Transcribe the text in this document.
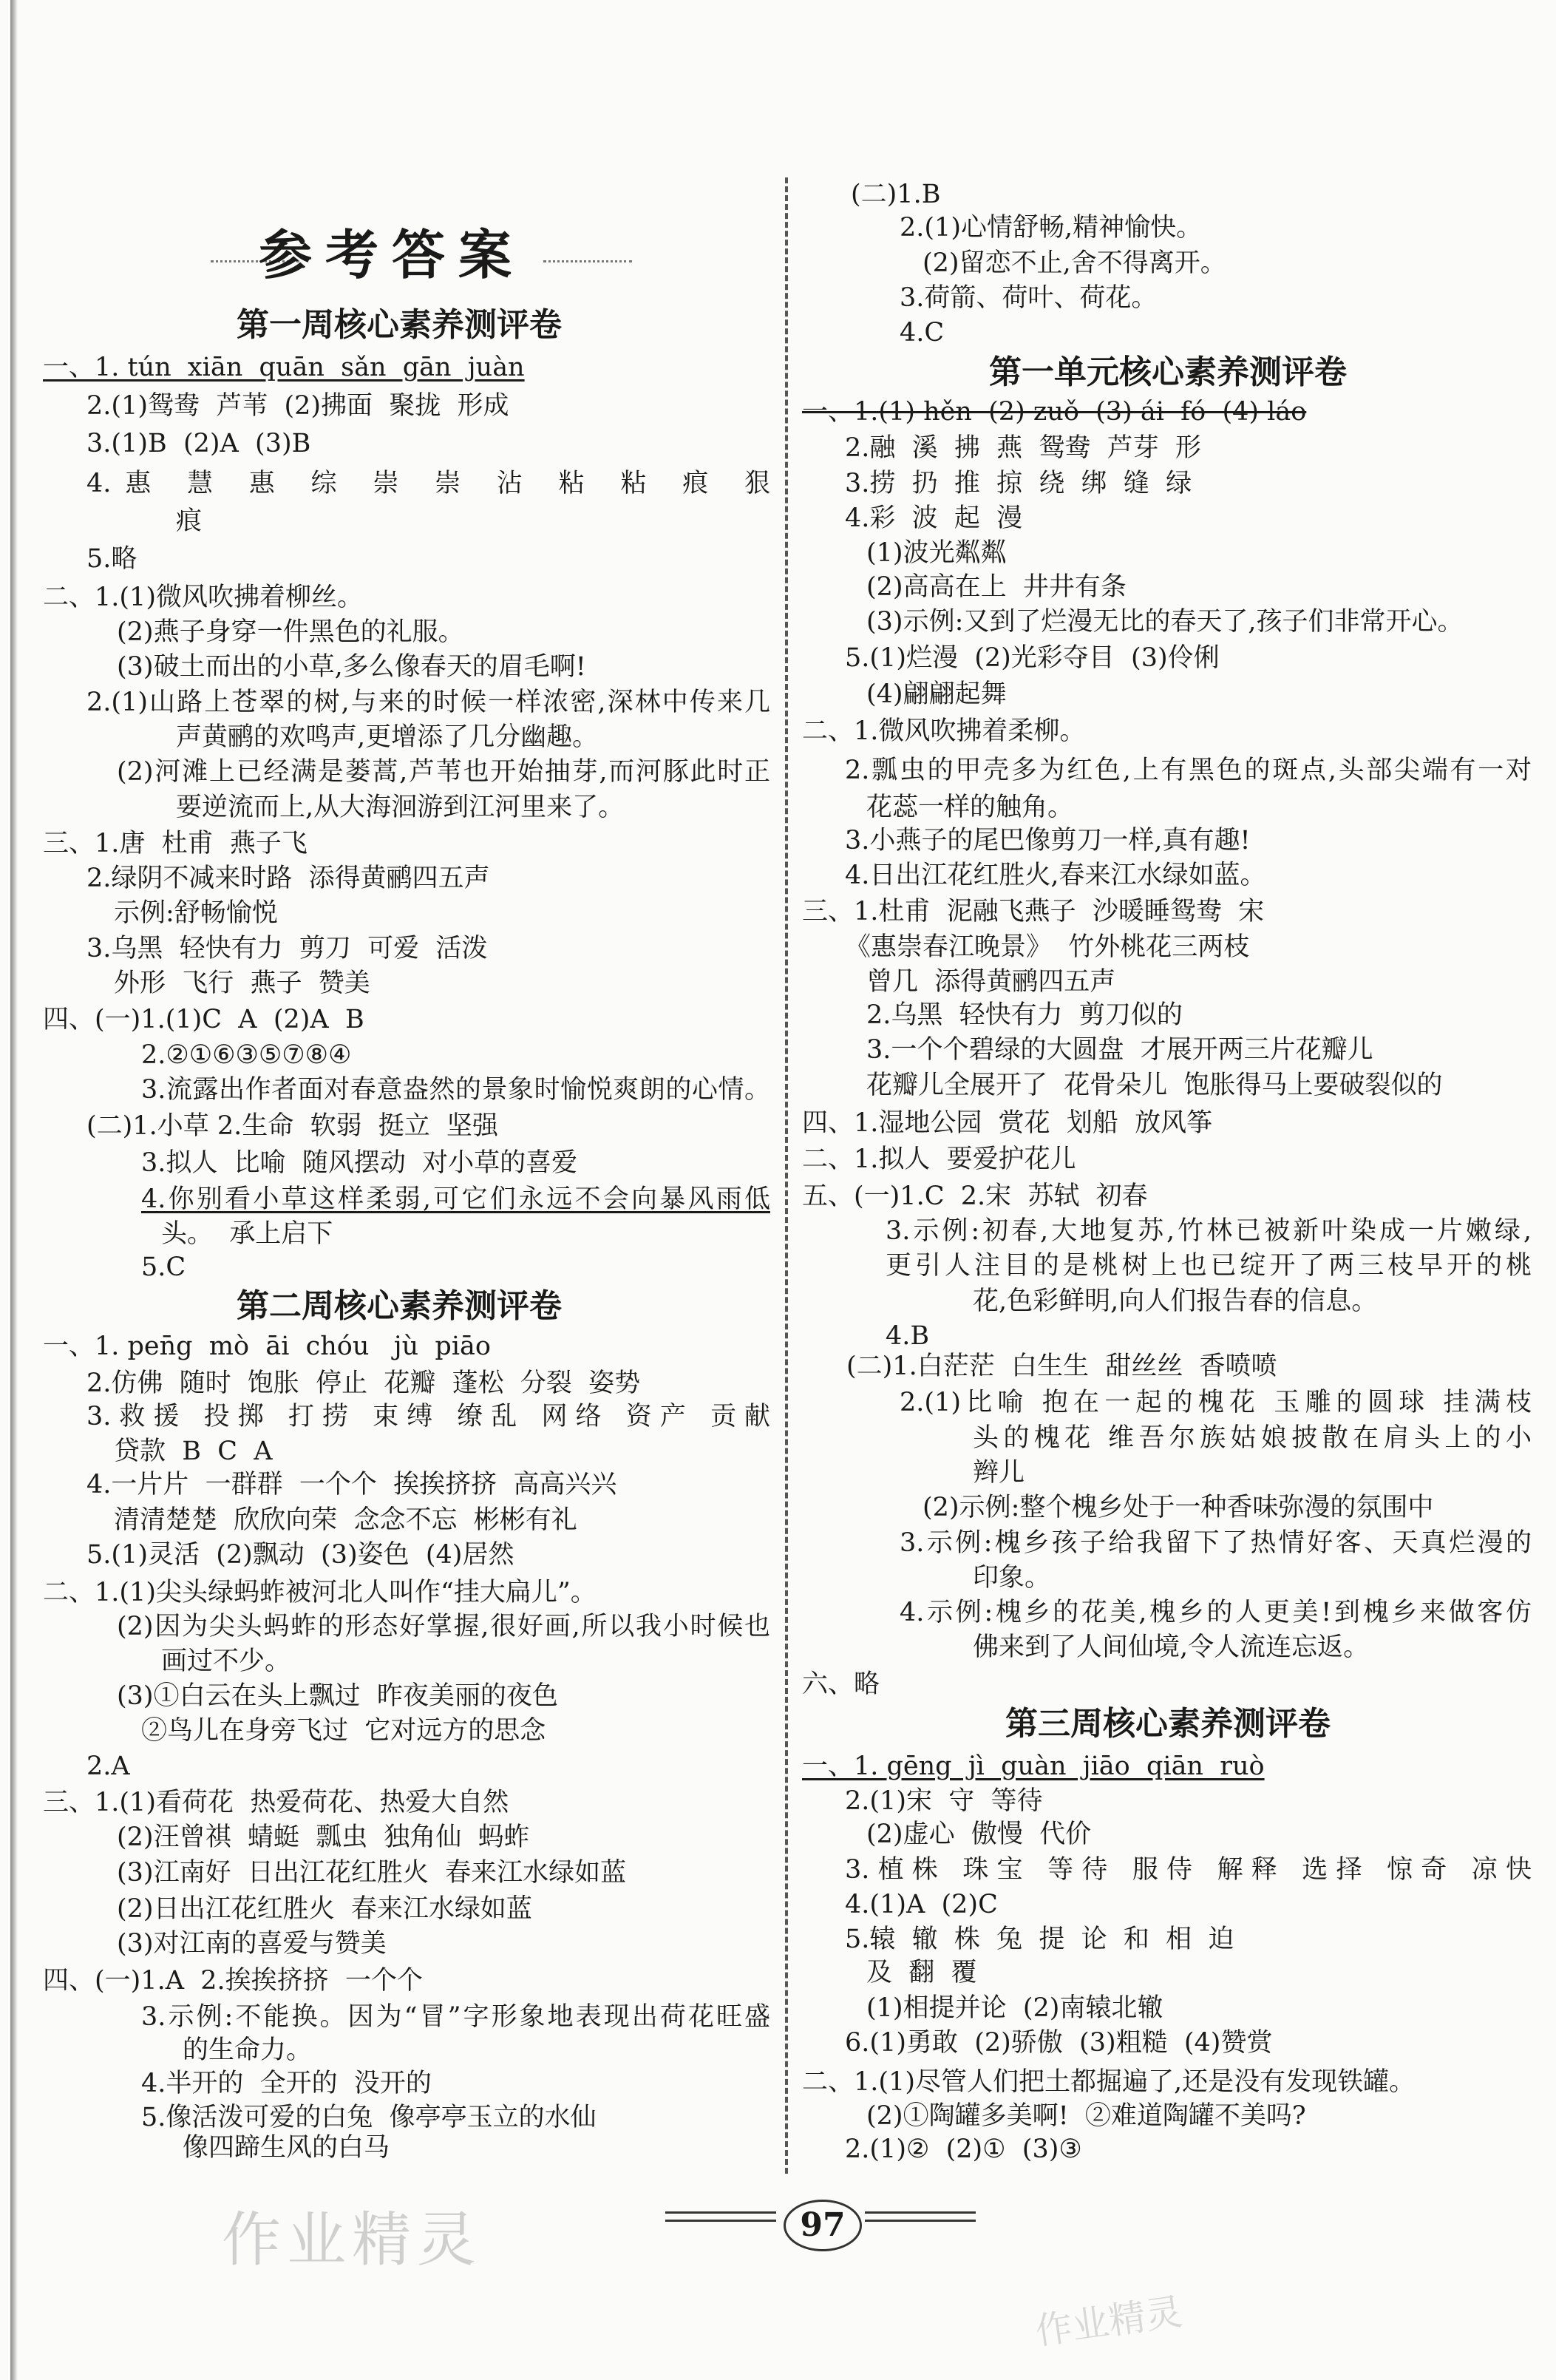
参考答案
第一周核心素养测评卷
第二周核心素养测评卷
第一单元核心素养测评卷
第三周核心素养测评卷
一、1. tún  xiān  quān  sǎn  gān  juàn
2.(1)鸳鸯  芦苇  (2)拂面  聚拢  形成
3.(1)B  (2)A  (3)B
4.惠 慧 惠 综 崇 崇 沾 粘 粘 痕 狠
痕
5.略
二、1.(1)微风吹拂着柳丝。
(2)燕子身穿一件黑色的礼服。
(3)破土而出的小草,多么像春天的眉毛啊!
2.(1)山路上苍翠的树,与来的时候一样浓密,深林中传来几
声黄鹂的欢鸣声,更增添了几分幽趣。
(2)河滩上已经满是蒌蒿,芦苇也开始抽芽,而河豚此时正
要逆流而上,从大海洄游到江河里来了。
三、1.唐  杜甫  燕子飞
2.绿阴不减来时路  添得黄鹂四五声
示例:舒畅愉悦
3.乌黑  轻快有力  剪刀  可爱  活泼
外形  飞行  燕子  赞美
四、(一)1.(1)C  A  (2)A  B
2.②①⑥③⑤⑦⑧④
3.流露出作者面对春意盎然的景象时愉悦爽朗的心情。
(二)1.小草 2.生命  软弱  挺立  坚强
3.拟人  比喻  随风摆动  对小草的喜爱
4.你别看小草这样柔弱,可它们永远不会向暴风雨低
头。  承上启下
5.C
一、1. pen̄g  mò  āi  chóu   jù  piāo
2.仿佛  随时  饱胀  停止  花瓣  蓬松  分裂  姿势
3.救援 投掷 打捞 束缚 缭乱 网络 资产 贡献
贷款  B  C  A
4.一片片  一群群  一个个  挨挨挤挤  高高兴兴
清清楚楚  欣欣向荣  念念不忘  彬彬有礼
5.(1)灵活  (2)飘动  (3)姿色  (4)居然
二、1.(1)尖头绿蚂蚱被河北人叫作“挂大扁儿”。
(2)因为尖头蚂蚱的形态好掌握,很好画,所以我小时候也
画过不少。
(3)①白云在头上飘过  昨夜美丽的夜色
②鸟儿在身旁飞过  它对远方的思念
2.A
三、1.(1)看荷花  热爱荷花、热爱大自然
(2)汪曾祺  蜻蜓  瓢虫  独角仙  蚂蚱
(3)江南好  日出江花红胜火  春来江水绿如蓝
(2)日出江花红胜火  春来江水绿如蓝
(3)对江南的喜爱与赞美
四、(一)1.A  2.挨挨挤挤  一个个
3.示例:不能换。因为“冒”字形象地表现出荷花旺盛
的生命力。
4.半开的  全开的  没开的
5.像活泼可爱的白兔  像亭亭玉立的水仙
像四蹄生风的白马
(二)1.B
2.(1)心情舒畅,精神愉快。
(2)留恋不止,舍不得离开。
3.荷箭、荷叶、荷花。
4.C
一、1.(1) hěn  (2) zuǒ  (3) ái  fó  (4) láo
2.融  溪  拂  燕  鸳鸯  芦芽  形
3.捞  扔  推  掠  绕  绑  缝  绿
4.彩  波  起  漫
(1)波光粼粼
(2)高高在上  井井有条
(3)示例:又到了烂漫无比的春天了,孩子们非常开心。
5.(1)烂漫  (2)光彩夺目  (3)伶俐
(4)翩翩起舞
二、1.微风吹拂着柔柳。
2.瓢虫的甲壳多为红色,上有黑色的斑点,头部尖端有一对
花蕊一样的触角。
3.小燕子的尾巴像剪刀一样,真有趣!
4.日出江花红胜火,春来江水绿如蓝。
三、1.杜甫  泥融飞燕子  沙暖睡鸳鸯  宋
《惠崇春江晚景》  竹外桃花三两枝
曾几  添得黄鹂四五声
2.乌黑  轻快有力  剪刀似的
3.一个个碧绿的大圆盘  才展开两三片花瓣儿
花瓣儿全展开了  花骨朵儿  饱胀得马上要破裂似的
四、1.湿地公园  赏花  划船  放风筝
二、1.拟人  要爱护花儿
五、(一)1.C  2.宋  苏轼  初春
3.示例:初春,大地复苏,竹林已被新叶染成一片嫩绿,
更引人注目的是桃树上也已绽开了两三枝早开的桃
花,色彩鲜明,向人们报告春的信息。
4.B
(二)1.白茫茫  白生生  甜丝丝  香喷喷
2.(1)比喻 抱在一起的槐花 玉雕的圆球 挂满枝
头的槐花 维吾尔族姑娘披散在肩头上的小
辫儿
(2)示例:整个槐乡处于一种香味弥漫的氛围中
3.示例:槐乡孩子给我留下了热情好客、天真烂漫的
印象。
4.示例:槐乡的花美,槐乡的人更美!到槐乡来做客仿
佛来到了人间仙境,令人流连忘返。
六、略
一、1. gēng  jì  guàn  jiāo  qiān  ruò
2.(1)宋  守  等待
(2)虚心  傲慢  代价
3.植株 珠宝 等待 服侍 解释 选择 惊奇 凉快
4.(1)A  (2)C
5.辕  辙  株  兔  提  论  和  相  迫
及  翻  覆
(1)相提并论  (2)南辕北辙
6.(1)勇敢  (2)骄傲  (3)粗糙  (4)赞赏
二、1.(1)尽管人们把土都掘遍了,还是没有发现铁罐。
(2)①陶罐多美啊!  ②难道陶罐不美吗?
2.(1)②  (2)①  (3)③
97
作业精灵
作业精灵
